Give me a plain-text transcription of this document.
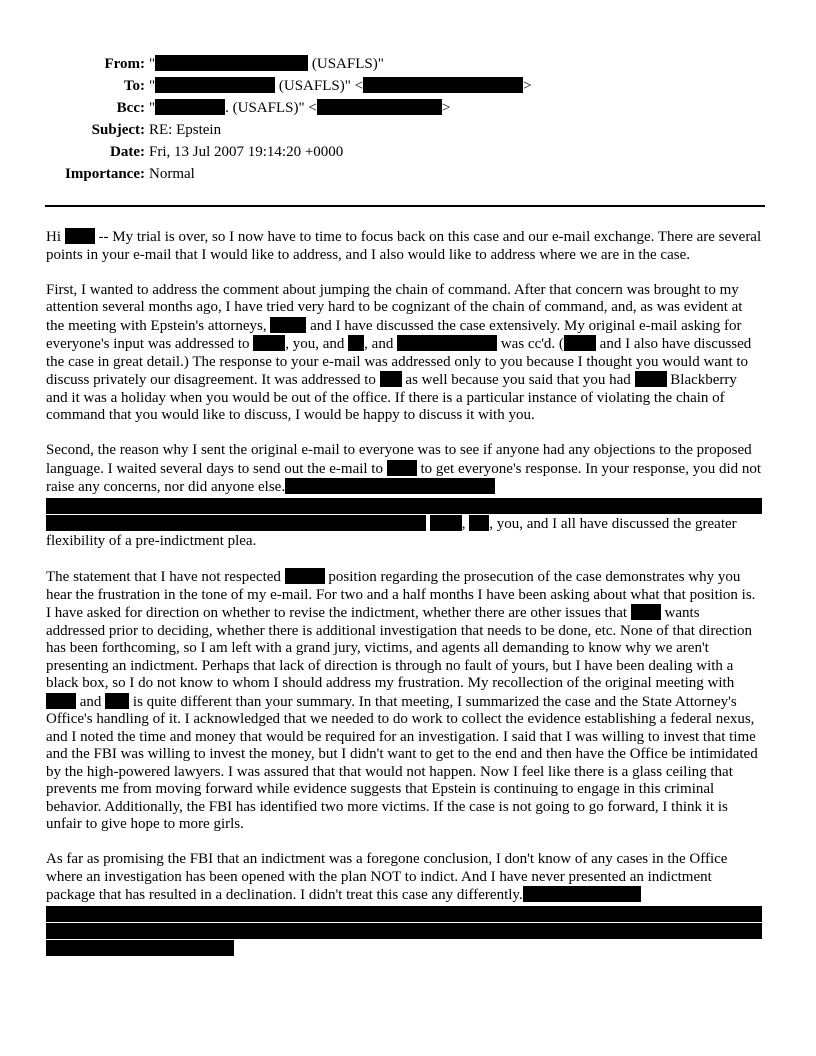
From: "	(USAFLS)"
To: "	(USAFLS)" <	>
Bcc: "	. (USAFLS)" <	>
Subject: RE: Epstein
Date: Fri, 13 Jul 2007 19:14:20 +0000
Importance: Normal

Hi  -- My trial is over, so I now have to time to focus back on this case and our e-mail exchange. There are several points in your e-mail that I would like to address, and I also would like to address where we are in the case.

First, I wanted to address the comment about jumping the chain of command. After that concern was brought to my attention several months ago, I have tried very hard to be cognizant of the chain of command, and, as was evident at the meeting with Epstein's attorneys,  and I have discussed the case extensively. My original e-mail asking for everyone's input was addressed to , you, and , and	was cc'd. ( and I also have discussed the case in great detail.) The response to your e-mail was addressed only to you because I thought you would want to discuss privately our disagreement. It was addressed to  as well because you said that you had  Blackberry and it was a holiday when you would be out of the office. If there is a particular instance of violating the chain of command that you would like to discuss, I would be happy to discuss it with you.

Second, the reason why I sent the original e-mail to everyone was to see if anyone had any objections to the proposed language. I waited several days to send out the e-mail to  to get everyone's response. In your response, you did not raise any concerns, nor did anyone else.
, , you, and I all have discussed the greater flexibility of a pre-indictment plea.

The statement that I have not respected	position regarding the prosecution of the case demonstrates why you hear the frustration in the tone of my e-mail. For two and a half months I have been asking about what that position is. I have asked for direction on whether to revise the indictment, whether there are other issues that  wants addressed prior to deciding, whether there is additional investigation that needs to be done, etc. None of that direction has been forthcoming, so I am left with a grand jury, victims, and agents all demanding to know why we aren't presenting an indictment. Perhaps that lack of direction is through no fault of yours, but I have been dealing with a black box, so I do not know to whom I should address my frustration. My recollection of the original meeting with  and  is quite different than your summary. In that meeting, I summarized the case and the State Attorney's Office's handling of it. I acknowledged that we needed to do work to collect the evidence establishing a federal nexus, and I noted the time and money that would be required for an investigation. I said that I was willing to invest that time and the FBI was willing to invest the money, but I didn't want to get to the end and then have the Office be intimidated by the high-powered lawyers. I was assured that that would not happen. Now I feel like there is a glass ceiling that prevents me from moving forward while evidence suggests that Epstein is continuing to engage in this criminal behavior. Additionally, the FBI has identified two more victims. If the case is not going to go forward, I think it is unfair to give hope to more girls.

As far as promising the FBI that an indictment was a foregone conclusion, I don't know of any cases in the Office where an investigation has been opened with the plan NOT to indict. And I have never presented an indictment package that has resulted in a declination. I didn't treat this case any differently.
